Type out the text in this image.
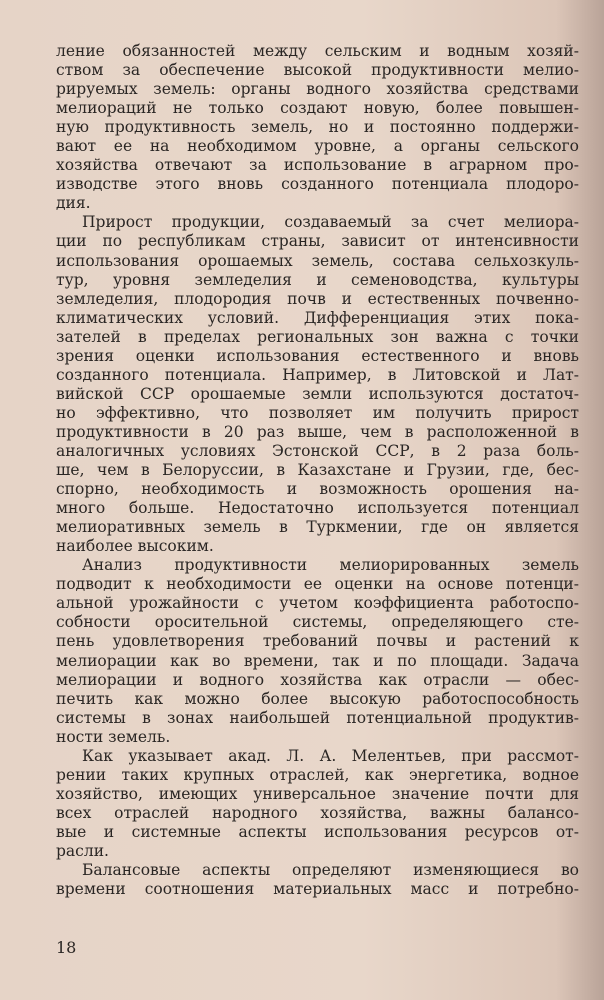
ление обязанностей между сельским и водным хозяй-
ством за обеспечение высокой продуктивности мелио-
рируемых земель: органы водного хозяйства средствами
мелиораций не только создают новую, более повышен-
ную продуктивность земель, но и постоянно поддержи-
вают ее на необходимом уровне, а органы сельского
хозяйства отвечают за использование в аграрном про-
изводстве этого вновь созданного потенциала плодоро-
дия.
Прирост продукции, создаваемый за счет мелиора-
ции по республикам страны, зависит от интенсивности
использования орошаемых земель, состава сельхозкуль-
тур, уровня земледелия и семеноводства, культуры
земледелия, плодородия почв и естественных почвенно-
климатических условий. Дифференциация этих пока-
зателей в пределах региональных зон важна с точки
зрения оценки использования естественного и вновь
созданного потенциала. Например, в Литовской и Лат-
вийской ССР орошаемые земли используются достаточ-
но эффективно, что позволяет им получить прирост
продуктивности в 20 раз выше, чем в расположенной в
аналогичных условиях Эстонской ССР, в 2 раза боль-
ше, чем в Белоруссии, в Казахстане и Грузии, где, бес-
спорно, необходимость и возможность орошения на-
много больше. Недостаточно используется потенциал
мелиоративных земель в Туркмении, где он является
наиболее высоким.
Анализ продуктивности мелиорированных земель
подводит к необходимости ее оценки на основе потенци-
альной урожайности с учетом коэффициента работоспо-
собности оросительной системы, определяющего сте-
пень удовлетворения требований почвы и растений к
мелиорации как во времени, так и по площади. Задача
мелиорации и водного хозяйства как отрасли — обес-
печить как можно более высокую работоспособность
системы в зонах наибольшей потенциальной продуктив-
ности земель.
Как указывает акад. Л. А. Мелентьев, при рассмот-
рении таких крупных отраслей, как энергетика, водное
хозяйство, имеющих универсальное значение почти для
всех отраслей народного хозяйства, важны балансо-
вые и системные аспекты использования ресурсов от-
расли.
Балансовые аспекты определяют изменяющиеся во
времени соотношения материальных масс и потребно-
18
